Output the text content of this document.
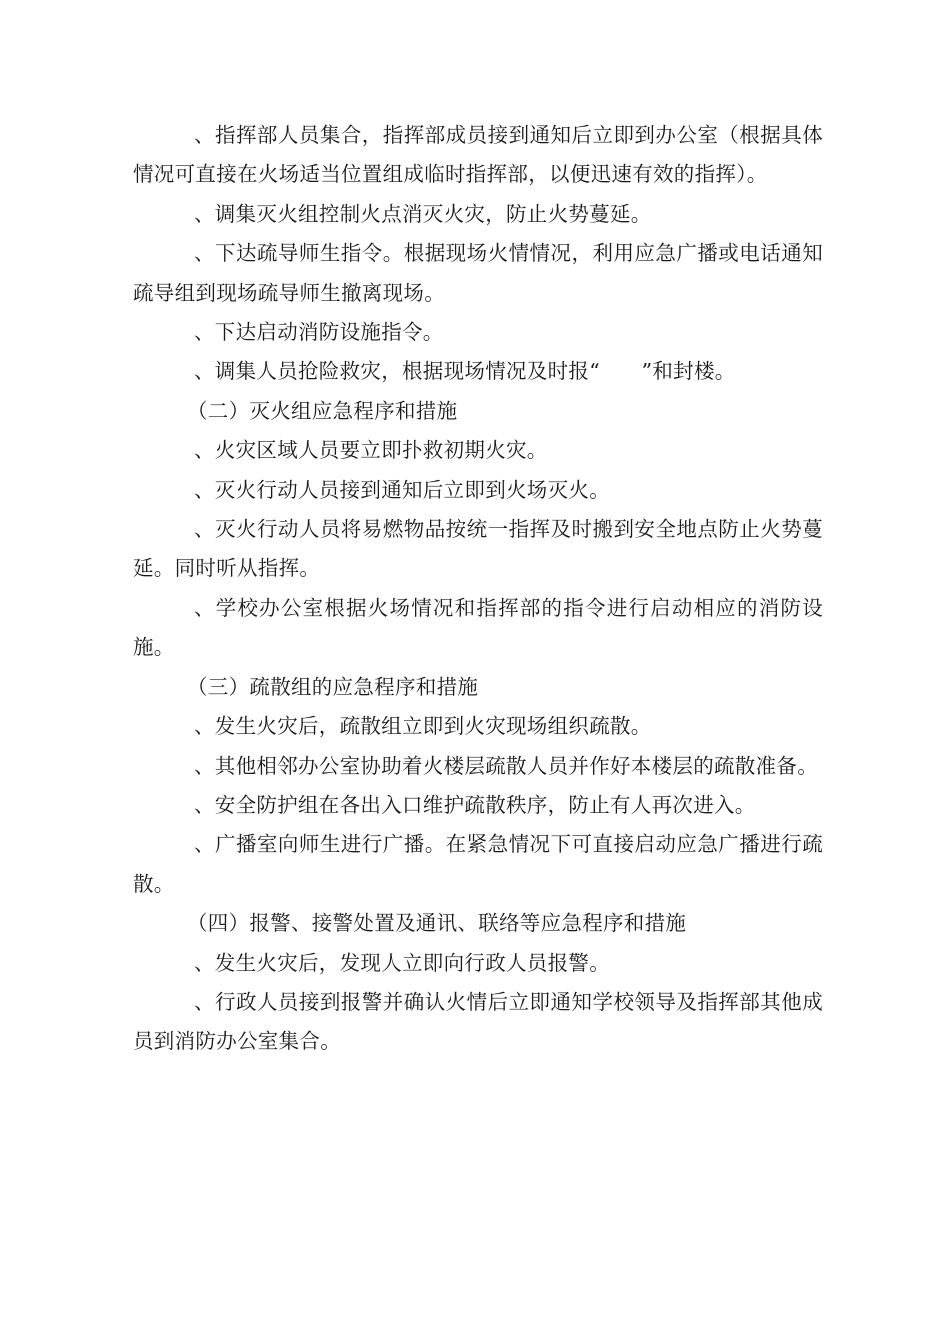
、指挥部人员集合，指挥部成员接到通知后立即到办公室（根据具体情况可直接在火场适当位置组成临时指挥部，以便迅速有效的指挥）。

、调集灭火组控制火点消灭火灾，防止火势蔓延。

、下达疏导师生指令。根据现场火情情况，利用应急广播或电话通知疏导组到现场疏导师生撤离现场。

、下达启动消防设施指令。

、调集人员抢险救灾，根据现场情况及时报“　　”和封楼。

（二）灭火组应急程序和措施

、火灾区域人员要立即扑救初期火灾。

、灭火行动人员接到通知后立即到火场灭火。

、灭火行动人员将易燃物品按统一指挥及时搬到安全地点防止火势蔓延。同时听从指挥。

、学校办公室根据火场情况和指挥部的指令进行启动相应的消防设施。

（三）疏散组的应急程序和措施

、发生火灾后，疏散组立即到火灾现场组织疏散。

、其他相邻办公室协助着火楼层疏散人员并作好本楼层的疏散准备。

、安全防护组在各出入口维护疏散秩序，防止有人再次进入。

、广播室向师生进行广播。在紧急情况下可直接启动应急广播进行疏散。

（四）报警、接警处置及通讯、联络等应急程序和措施

、发生火灾后，发现人立即向行政人员报警。

、行政人员接到报警并确认火情后立即通知学校领导及指挥部其他成员到消防办公室集合。
